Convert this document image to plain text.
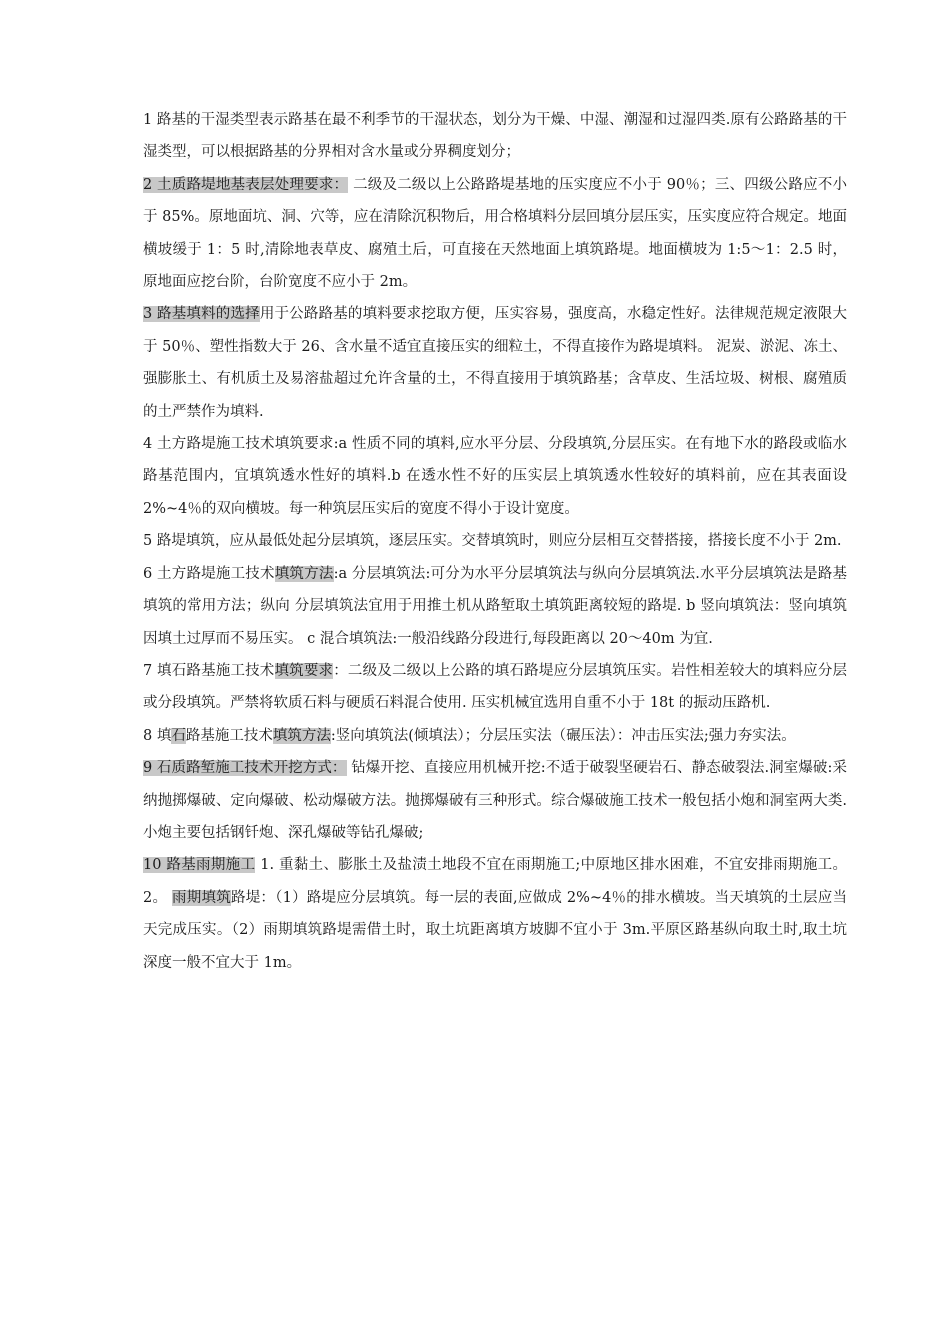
1 路基的干湿类型表示路基在最不利季节的干湿状态，划分为干燥、中湿、潮湿和过湿四类.原有公路路基的干湿类型，可以根据路基的分界相对含水量或分界稠度划分；

2 土质路堤地基表层处理要求： 二级及二级以上公路路堤基地的压实度应不小于 90％；三、四级公路应不小于 85%。原地面坑、洞、穴等，应在清除沉积物后，用合格填料分层回填分层压实，压实度应符合规定。地面横坡缓于 1：5 时,清除地表草皮、腐殖土后，可直接在天然地面上填筑路堤。地面横坡为 1:5～1：2.5 时，原地面应挖台阶，台阶宽度不应小于 2m。

3 路基填料的选择用于公路路基的填料要求挖取方便，压实容易，强度高，水稳定性好。法律规范规定液限大于 50％、塑性指数大于 26、含水量不适宜直接压实的细粒土，不得直接作为路堤填料。 泥炭、淤泥、冻土、强膨胀土、有机质土及易溶盐超过允许含量的土，不得直接用于填筑路基；含草皮、生活垃圾、树根、腐殖质的土严禁作为填料.

4 土方路堤施工技术填筑要求:a 性质不同的填料,应水平分层、分段填筑,分层压实。在有地下水的路段或临水路基范围内，宜填筑透水性好的填料.b 在透水性不好的压实层上填筑透水性较好的填料前，应在其表面设 2%~4％的双向横坡。每一种筑层压实后的宽度不得小于设计宽度。

5 路堤填筑，应从最低处起分层填筑，逐层压实。交替填筑时，则应分层相互交替搭接，搭接长度不小于 2m.

6 土方路堤施工技术填筑方法:a 分层填筑法:可分为水平分层填筑法与纵向分层填筑法.水平分层填筑法是路基填筑的常用方法；纵向 分层填筑法宜用于用推土机从路堑取土填筑距离较短的路堤. b 竖向填筑法：竖向填筑因填土过厚而不易压实。 c 混合填筑法:一般沿线路分段进行,每段距离以 20～40m 为宜.

7 填石路基施工技术填筑要求：二级及二级以上公路的填石路堤应分层填筑压实。岩性相差较大的填料应分层或分段填筑。严禁将软质石料与硬质石料混合使用. 压实机械宜选用自重不小于 18t 的振动压路机.

8 填石路基施工技术填筑方法:竖向填筑法(倾填法）；分层压实法（碾压法）：冲击压实法;强力夯实法。

9 石质路堑施工技术开挖方式： 钻爆开挖、直接应用机械开挖:不适于破裂坚硬岩石、静态破裂法.洞室爆破:采纳抛掷爆破、定向爆破、松动爆破方法。抛掷爆破有三种形式。综合爆破施工技术一般包括小炮和洞室两大类.小炮主要包括钢钎炮、深孔爆破等钻孔爆破;

10 路基雨期施工 1. 重黏土、膨胀土及盐渍土地段不宜在雨期施工;中原地区排水困难，不宜安排雨期施工。 2。 雨期填筑路堤：（1）路堤应分层填筑。每一层的表面,应做成 2%~4％的排水横坡。当天填筑的土层应当天完成压实。（2）雨期填筑路堤需借土时，取土坑距离填方坡脚不宜小于 3m.平原区路基纵向取土时,取土坑深度一般不宜大于 1m。
